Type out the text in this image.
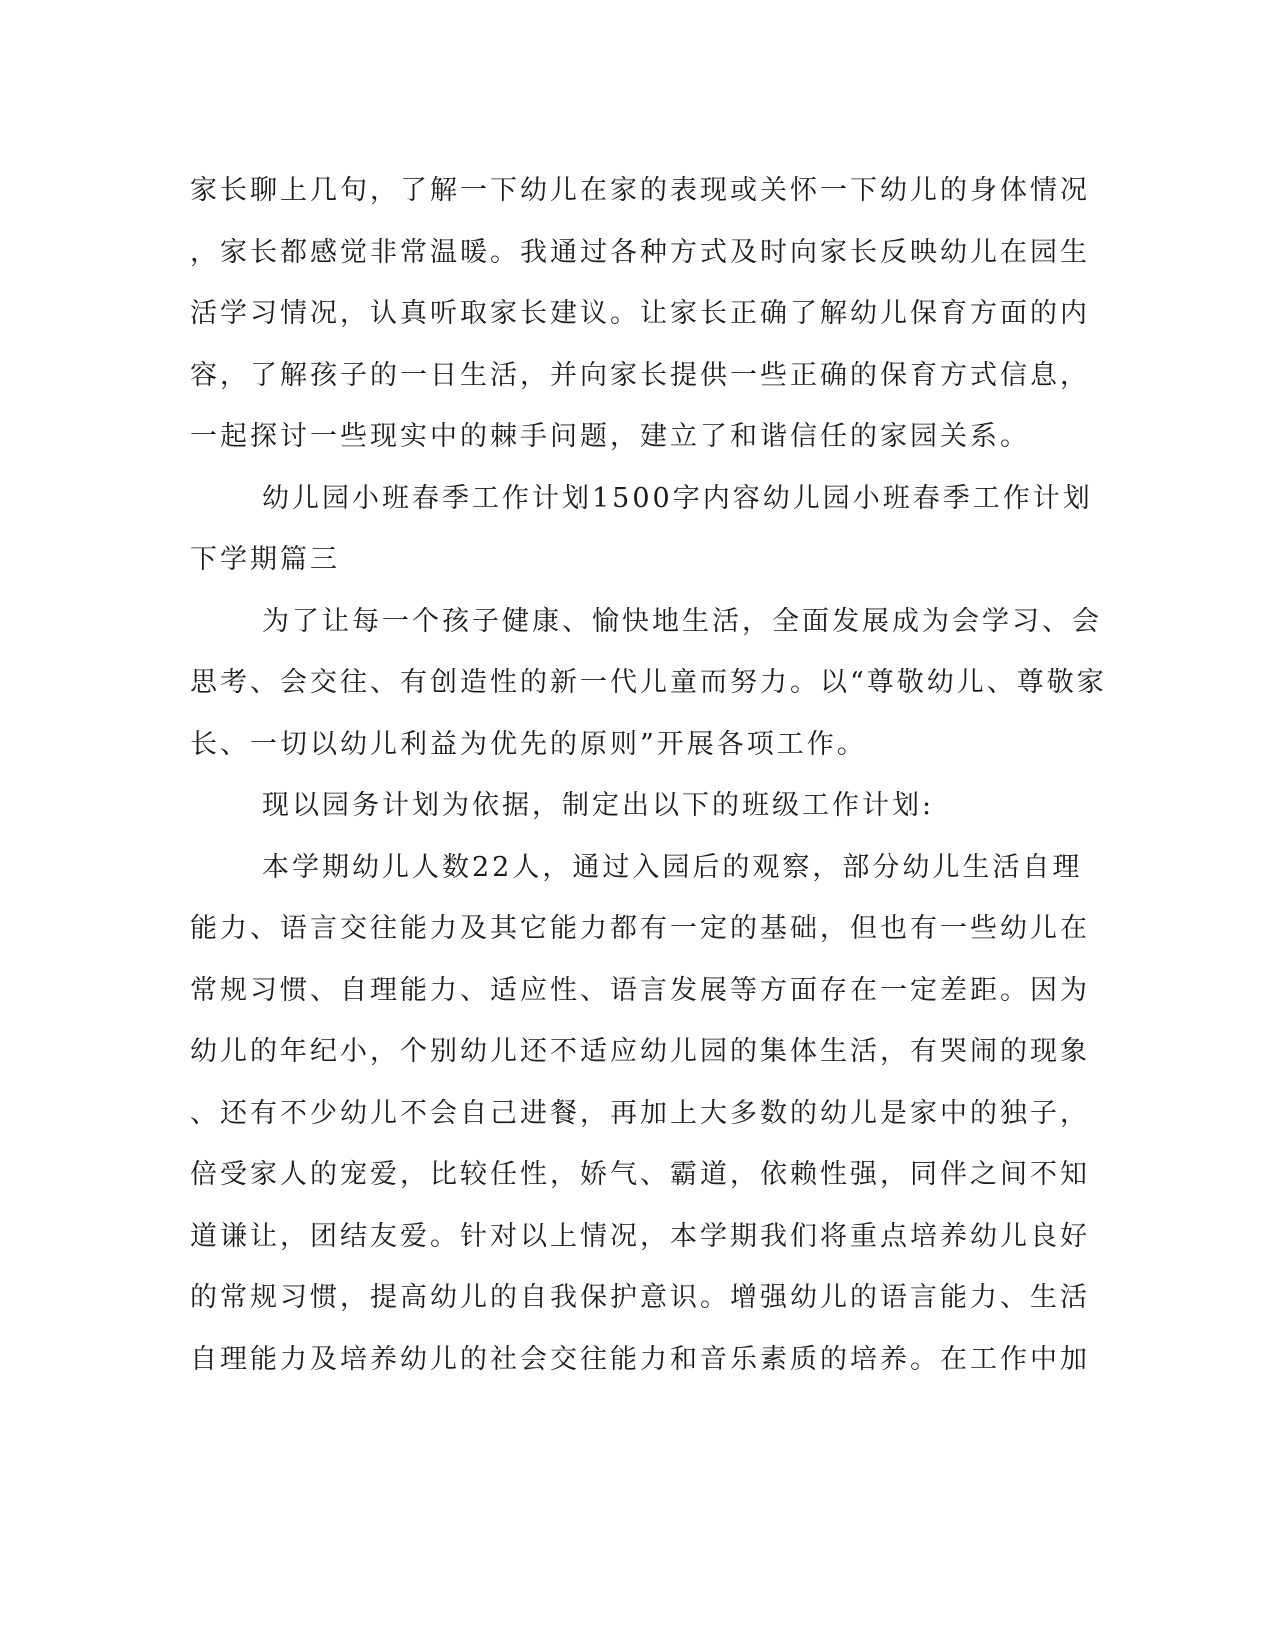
家长聊上几句，了解一下幼儿在家的表现或关怀一下幼儿的身体情况
，家长都感觉非常温暖。我通过各种方式及时向家长反映幼儿在园生
活学习情况，认真听取家长建议。让家长正确了解幼儿保育方面的内
容，了解孩子的一日生活，并向家长提供一些正确的保育方式信息，
一起探讨一些现实中的棘手问题，建立了和谐信任的家园关系。
幼儿园小班春季工作计划1500字内容幼儿园小班春季工作计划
下学期篇三
为了让每一个孩子健康、愉快地生活，全面发展成为会学习、会
思考、会交往、有创造性的新一代儿童而努力。以“尊敬幼儿、尊敬家
长、一切以幼儿利益为优先的原则”开展各项工作。
现以园务计划为依据，制定出以下的班级工作计划:
本学期幼儿人数22人，通过入园后的观察，部分幼儿生活自理
能力、语言交往能力及其它能力都有一定的基础，但也有一些幼儿在
常规习惯、自理能力、适应性、语言发展等方面存在一定差距。因为
幼儿的年纪小，个别幼儿还不适应幼儿园的集体生活，有哭闹的现象
、还有不少幼儿不会自己进餐，再加上大多数的幼儿是家中的独子，
倍受家人的宠爱，比较任性，娇气、霸道，依赖性强，同伴之间不知
道谦让，团结友爱。针对以上情况，本学期我们将重点培养幼儿良好
的常规习惯，提高幼儿的自我保护意识。增强幼儿的语言能力、生活
自理能力及培养幼儿的社会交往能力和音乐素质的培养。在工作中加
